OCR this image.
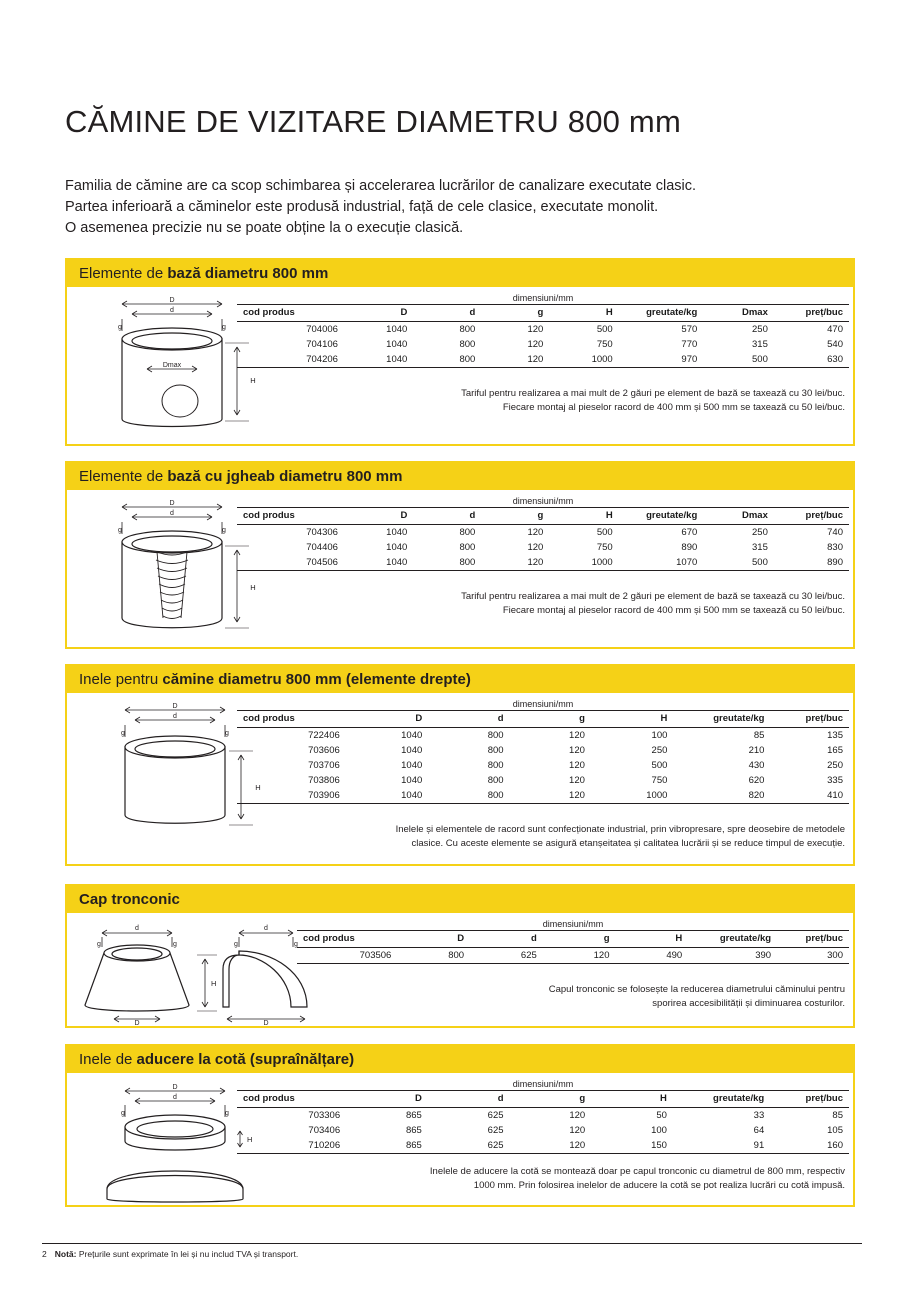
CĂMINE DE VIZITARE DIAMETRU 800 mm
Familia de cămine are ca scop schimbarea și accelerarea lucrărilor de canalizare executate clasic.
Partea inferioară a căminelor este produsă industrial, față de cele clasice, executate monolit.
O asemenea precizie nu se poate obține la o execuție clasică.
Elemente de bază diametru 800 mm
D
d
g	g
Dmax
H
dimensiuni/mm
cod produs	D	d	g	H	greutate/kg	Dmax	preț/buc
704006	1040	800	120	500	570	250	470
704106	1040	800	120	750	770	315	540
704206	1040	800	120	1000	970	500	630
Tariful pentru realizarea a mai mult de 2 găuri pe element de bază se taxează cu 30 lei/buc.
Fiecare montaj al pieselor racord de 400 mm și 500 mm se taxează cu 50 lei/buc.
Elemente de bază cu jgheab diametru 800 mm
D
d
g	g
H
dimensiuni/mm
cod produs	D	d	g	H	greutate/kg	Dmax	preț/buc
704306	1040	800	120	500	670	250	740
704406	1040	800	120	750	890	315	830
704506	1040	800	120	1000	1070	500	890
Tariful pentru realizarea a mai mult de 2 găuri pe element de bază se taxează cu 30 lei/buc.
Fiecare montaj al pieselor racord de 400 mm și 500 mm se taxează cu 50 lei/buc.
Inele pentru cămine diametru 800 mm (elemente drepte)
D
d
g	g
H
dimensiuni/mm
cod produs	D	d	g	H	greutate/kg	preț/buc
722406	1040	800	120	100	85	135
703606	1040	800	120	250	210	165
703706	1040	800	120	500	430	250
703806	1040	800	120	750	620	335
703906	1040	800	120	1000	820	410
Inelele și elementele de racord sunt confecționate industrial, prin vibropresare, spre deosebire de metodele
clasice. Cu aceste elemente se asigură etanșeitatea și calitatea lucrării și se reduce timpul de execuție.
Cap tronconic
d
g	g
D
H
d
g	g
D
dimensiuni/mm
cod produs	D	d	g	H	greutate/kg	preț/buc
703506	800	625	120	490	390	300
Capul tronconic se folosește la reducerea diametrului căminului pentru
sporirea accesibilității și diminuarea costurilor.
Inele de aducere la cotă (supraînălțare)
D
d
g	g
H
dimensiuni/mm
cod produs	D	d	g	H	greutate/kg	preț/buc
703306	865	625	120	50	33	85
703406	865	625	120	100	64	105
710206	865	625	120	150	91	160
Inelele de aducere la cotă se montează doar pe capul tronconic cu diametrul de 800 mm, respectiv
1000 mm. Prin folosirea inelelor de aducere la cotă se pot realiza lucrări cu cotă impusă.
2 Notă: Prețurile sunt exprimate în lei și nu includ TVA și transport.
